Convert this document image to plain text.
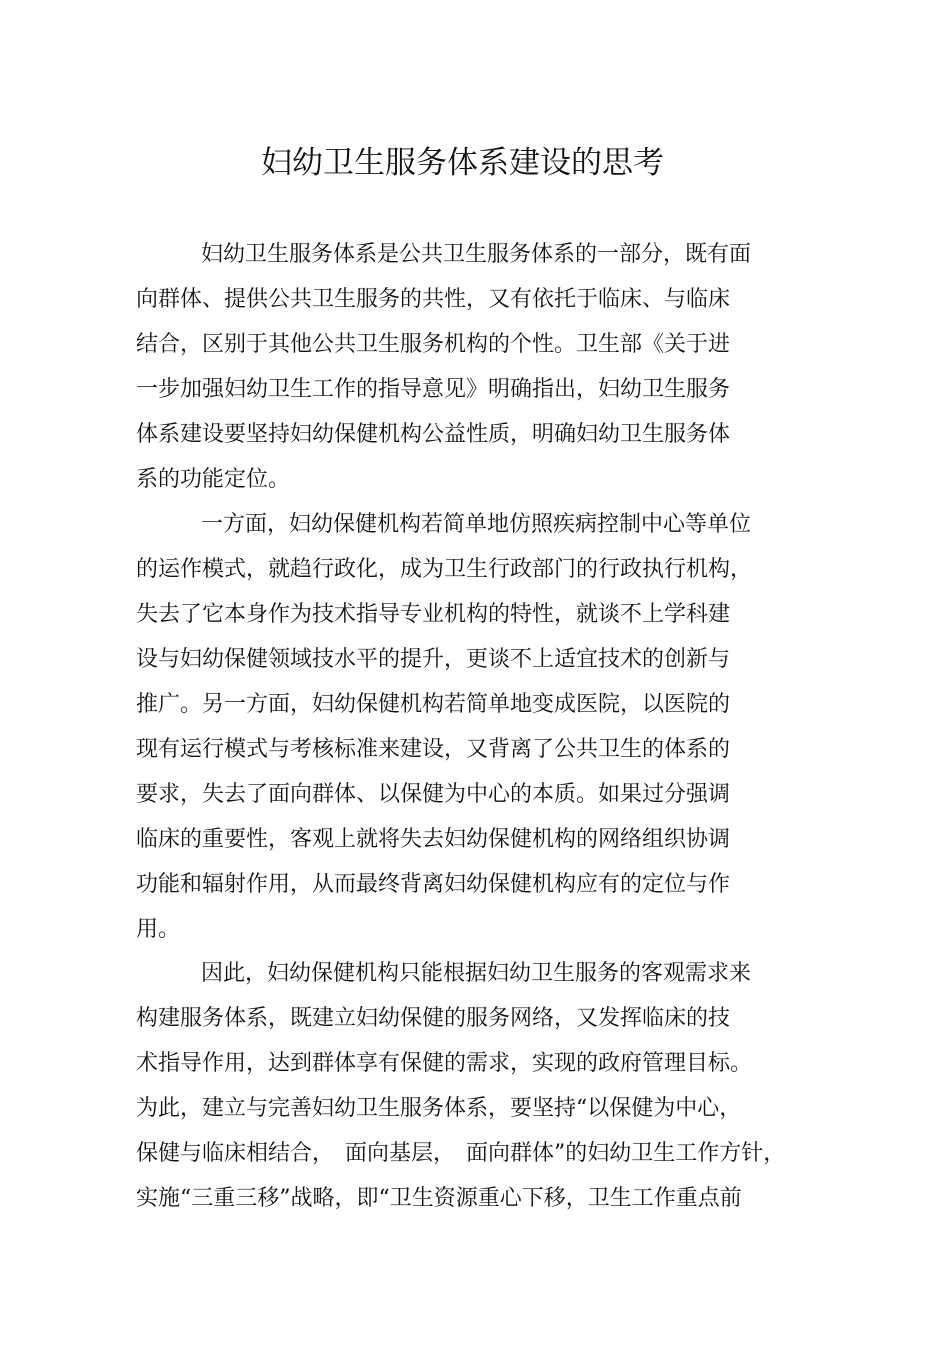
妇幼卫生服务体系建设的思考
妇幼卫生服务体系是公共卫生服务体系的一部分，既有面
向群体、提供公共卫生服务的共性，又有依托于临床、与临床
结合，区别于其他公共卫生服务机构的个性。卫生部《关于进
一步加强妇幼卫生工作的指导意见》明确指出，妇幼卫生服务
体系建设要坚持妇幼保健机构公益性质，明确妇幼卫生服务体
系的功能定位。
一方面，妇幼保健机构若简单地仿照疾病控制中心等单位
的运作模式，就趋行政化，成为卫生行政部门的行政执行机构，
失去了它本身作为技术指导专业机构的特性，就谈不上学科建
设与妇幼保健领域技水平的提升，更谈不上适宜技术的创新与
推广。另一方面，妇幼保健机构若简单地变成医院，以医院的
现有运行模式与考核标准来建设，又背离了公共卫生的体系的
要求，失去了面向群体、以保健为中心的本质。如果过分强调
临床的重要性，客观上就将失去妇幼保健机构的网络组织协调
功能和辐射作用，从而最终背离妇幼保健机构应有的定位与作
用。
因此，妇幼保健机构只能根据妇幼卫生服务的客观需求来
构建服务体系，既建立妇幼保健的服务网络，又发挥临床的技
术指导作用，达到群体享有保健的需求，实现的政府管理目标。
为此，建立与完善妇幼卫生服务体系，要坚持“以保健为中心，
保健与临床相结合，　面向基层，　面向群体”的妇幼卫生工作方针，
实施“三重三移”战略，即“卫生资源重心下移，卫生工作重点前
